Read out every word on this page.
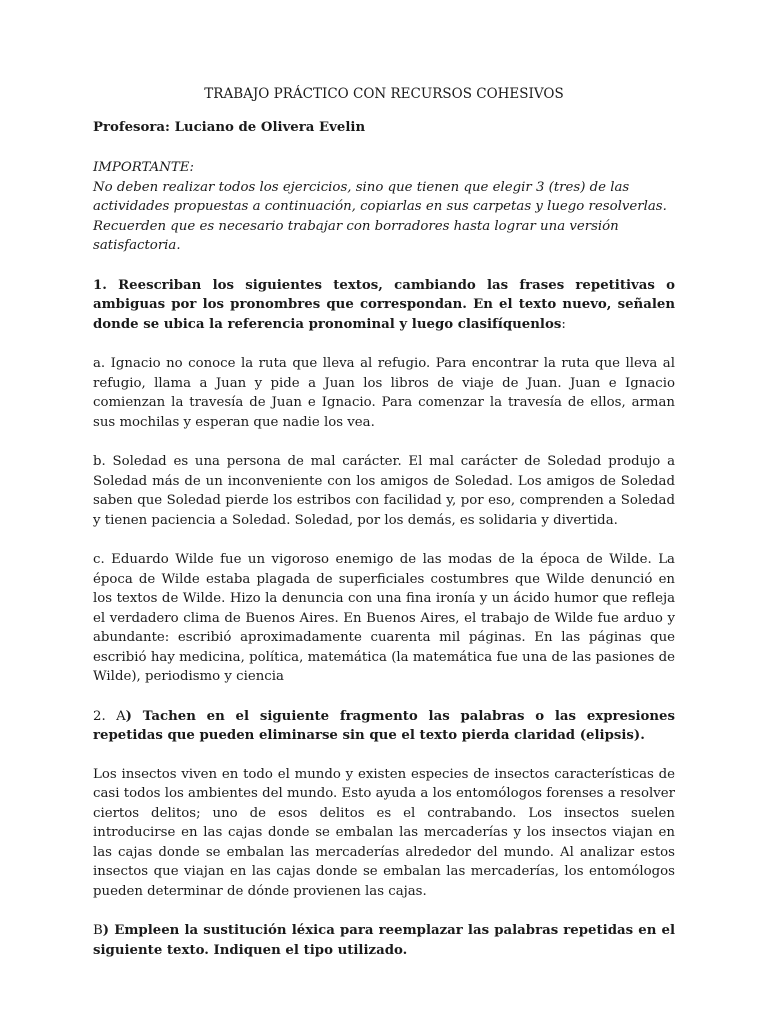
TRABAJO PRÁCTICO CON RECURSOS COHESIVOS
Profesora: Luciano de Olivera Evelin
IMPORTANTE:
No deben realizar todos los ejercicios, sino que tienen que elegir 3 (tres) de las actividades propuestas a continuación, copiarlas en sus carpetas y luego resolverlas. Recuerden que es necesario trabajar con borradores hasta lograr una versión satisfactoria.
1. Reescriban los siguientes textos, cambiando las frases repetitivas o ambiguas por los pronombres que correspondan. En el texto nuevo, señalen donde se ubica la referencia pronominal y luego clasifíquenlos:

a. Ignacio no conoce la ruta que lleva al refugio. Para encontrar la ruta que lleva al refugio, llama a Juan y pide a Juan los libros de viaje de Juan. Juan e Ignacio comienzan la travesía de Juan e Ignacio. Para comenzar la travesía de ellos, arman sus mochilas y esperan que nadie los vea.

b. Soledad es una persona de mal carácter. El mal carácter de Soledad produjo a Soledad más de un inconveniente con los amigos de Soledad. Los amigos de Soledad saben que Soledad pierde los estribos con facilidad y, por eso, comprenden a Soledad y tienen paciencia a Soledad. Soledad, por los demás, es solidaria y divertida.

c. Eduardo Wilde fue un vigoroso enemigo de las modas de la época de Wilde. La época de Wilde estaba plagada de superficiales costumbres que Wilde denunció en los textos de Wilde. Hizo la denuncia con una fina ironía y un ácido humor que refleja el verdadero clima de Buenos Aires. En Buenos Aires, el trabajo de Wilde fue arduo y abundante: escribió aproximadamente cuarenta mil páginas. En las páginas que escribió hay medicina, política, matemática (la matemática fue una de las pasiones de Wilde), periodismo y ciencia

2. A) Tachen en el siguiente fragmento las palabras o las expresiones repetidas que pueden eliminarse sin que el texto pierda claridad (elipsis).

Los insectos viven en todo el mundo y existen especies de insectos características de casi todos los ambientes del mundo. Esto ayuda a los entomólogos forenses a resolver ciertos delitos; uno de esos delitos es el contrabando. Los insectos suelen introducirse en las cajas donde se embalan las mercaderías y los insectos viajan en las cajas donde se embalan las mercaderías alrededor del mundo. Al analizar estos insectos que viajan en las cajas donde se embalan las mercaderías, los entomólogos pueden determinar de dónde provienen las cajas.

B) Empleen la sustitución léxica para reemplazar las palabras repetidas en el siguiente texto. Indiquen el tipo utilizado.
